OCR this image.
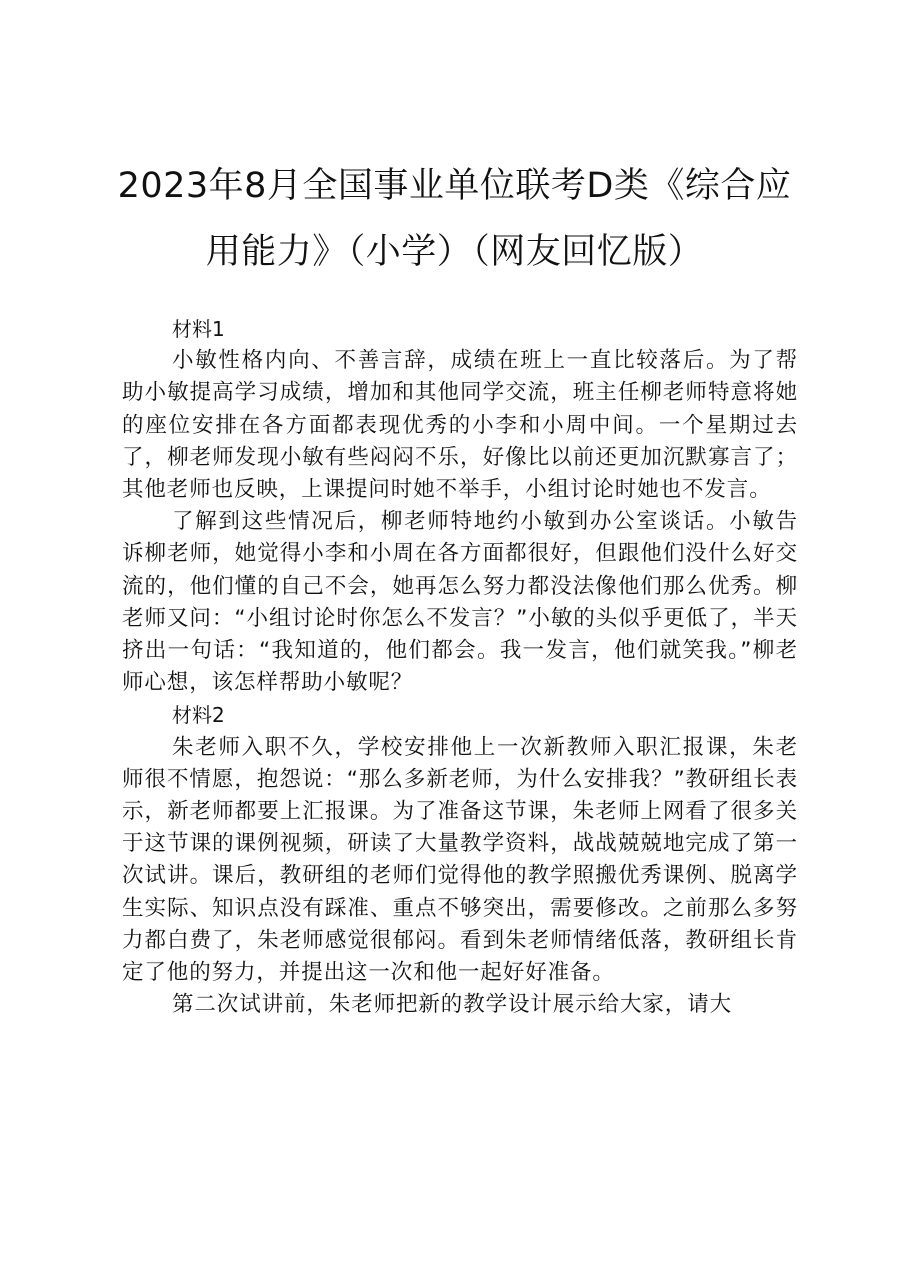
2023年8月全国事业单位联考D类《综合应
用能力》（小学）（网友回忆版）

材料1

小敏性格内向、不善言辞，成绩在班上一直比较落后。为了帮助小敏提高学习成绩，增加和其他同学交流，班主任柳老师特意将她的座位安排在各方面都表现优秀的小李和小周中间。一个星期过去了，柳老师发现小敏有些闷闷不乐，好像比以前还更加沉默寡言了；其他老师也反映，上课提问时她不举手，小组讨论时她也不发言。

了解到这些情况后，柳老师特地约小敏到办公室谈话。小敏告诉柳老师，她觉得小李和小周在各方面都很好，但跟他们没什么好交流的，他们懂的自己不会，她再怎么努力都没法像他们那么优秀。柳老师又问：“小组讨论时你怎么不发言？”小敏的头似乎更低了，半天挤出一句话：“我知道的，他们都会。我一发言，他们就笑我。”柳老师心想，该怎样帮助小敏呢？

材料2

朱老师入职不久，学校安排他上一次新教师入职汇报课，朱老师很不情愿，抱怨说：“那么多新老师，为什么安排我？”教研组长表示，新老师都要上汇报课。为了准备这节课，朱老师上网看了很多关于这节课的课例视频，研读了大量教学资料，战战兢兢地完成了第一次试讲。课后，教研组的老师们觉得他的教学照搬优秀课例、脱离学生实际、知识点没有踩准、重点不够突出，需要修改。之前那么多努力都白费了，朱老师感觉很郁闷。看到朱老师情绪低落，教研组长肯定了他的努力，并提出这一次和他一起好好准备。

第二次试讲前，朱老师把新的教学设计展示给大家，请大
